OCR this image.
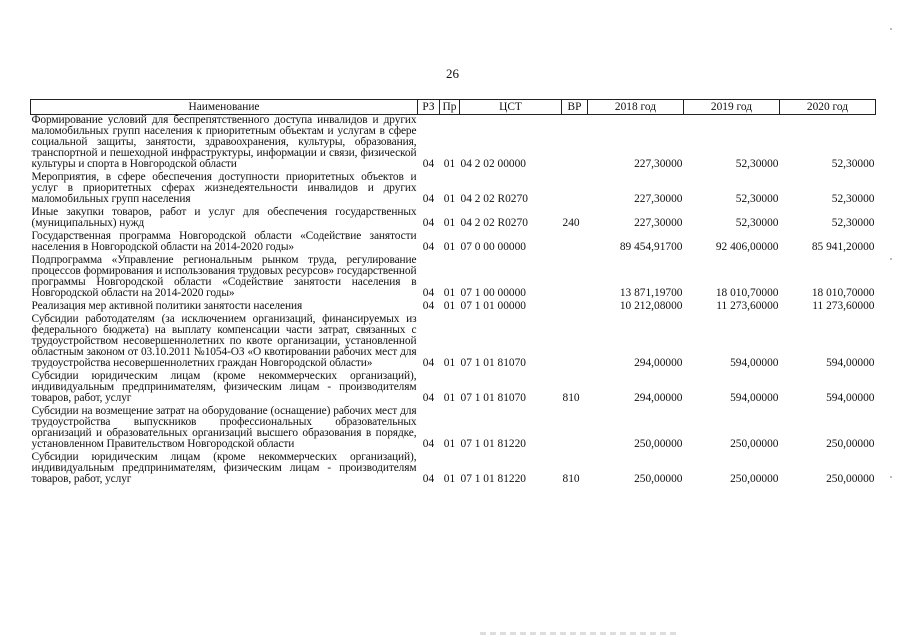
26
Наименование	РЗ	Пр	ЦСТ	ВР	2018 год	2019 год	2020 год
Формирование условий для беспрепятственного доступа инвалидов и других маломобильных групп населения к приоритетным объектам и услугам в сфере социальной защиты, занятости, здравоохранения, культуры, образования, транспортной и пешеходной инфраструктуры, информации и связи, физической культуры и спорта в Новгородской области	04	01	04 2 02 00000		227,30000	52,30000	52,30000
Мероприятия, в сфере обеспечения доступности приоритетных объектов и услуг в приоритетных сферах жизнедеятельности инвалидов и других маломобильных групп населения	04	01	04 2 02 R0270		227,30000	52,30000	52,30000
Иные закупки товаров, работ и услуг для обеспечения государственных (муниципальных) нужд	04	01	04 2 02 R0270	240	227,30000	52,30000	52,30000
Государственная программа Новгородской области «Содействие занятости населения в Новгородской области на 2014-2020 годы»	04	01	07 0 00 00000		89 454,91700	92 406,00000	85 941,20000
Подпрограмма «Управление региональным рынком труда, регулирование процессов формирования и использования трудовых ресурсов» государственной программы Новгородской области «Содействие занятости населения в Новгородской области на 2014-2020 годы»	04	01	07 1 00 00000		13 871,19700	18 010,70000	18 010,70000
Реализация мер активной политики занятости населения	04	01	07 1 01 00000		10 212,08000	11 273,60000	11 273,60000
Субсидии работодателям (за исключением организаций, финансируемых из федерального бюджета) на выплату компенсации части затрат, связанных с трудоустройством несовершеннолетних по квоте организации, установленной областным законом от 03.10.2011 №1054-ОЗ «О квотировании рабочих мест для трудоустройства несовершеннолетних граждан Новгородской области»	04	01	07 1 01 81070		294,00000	594,00000	594,00000
Субсидии юридическим лицам (кроме некоммерческих организаций), индивидуальным предпринимателям, физическим лицам - производителям товаров, работ, услуг	04	01	07 1 01 81070	810	294,00000	594,00000	594,00000
Субсидии на возмещение затрат на оборудование (оснащение) рабочих мест для трудоустройства выпускников профессиональных образовательных организаций и образовательных организаций высшего образования в порядке, установленном Правительством Новгородской области	04	01	07 1 01 81220		250,00000	250,00000	250,00000
Субсидии юридическим лицам (кроме некоммерческих организаций), индивидуальным предпринимателям, физическим лицам - производителям товаров, работ, услуг	04	01	07 1 01 81220	810	250,00000	250,00000	250,00000
